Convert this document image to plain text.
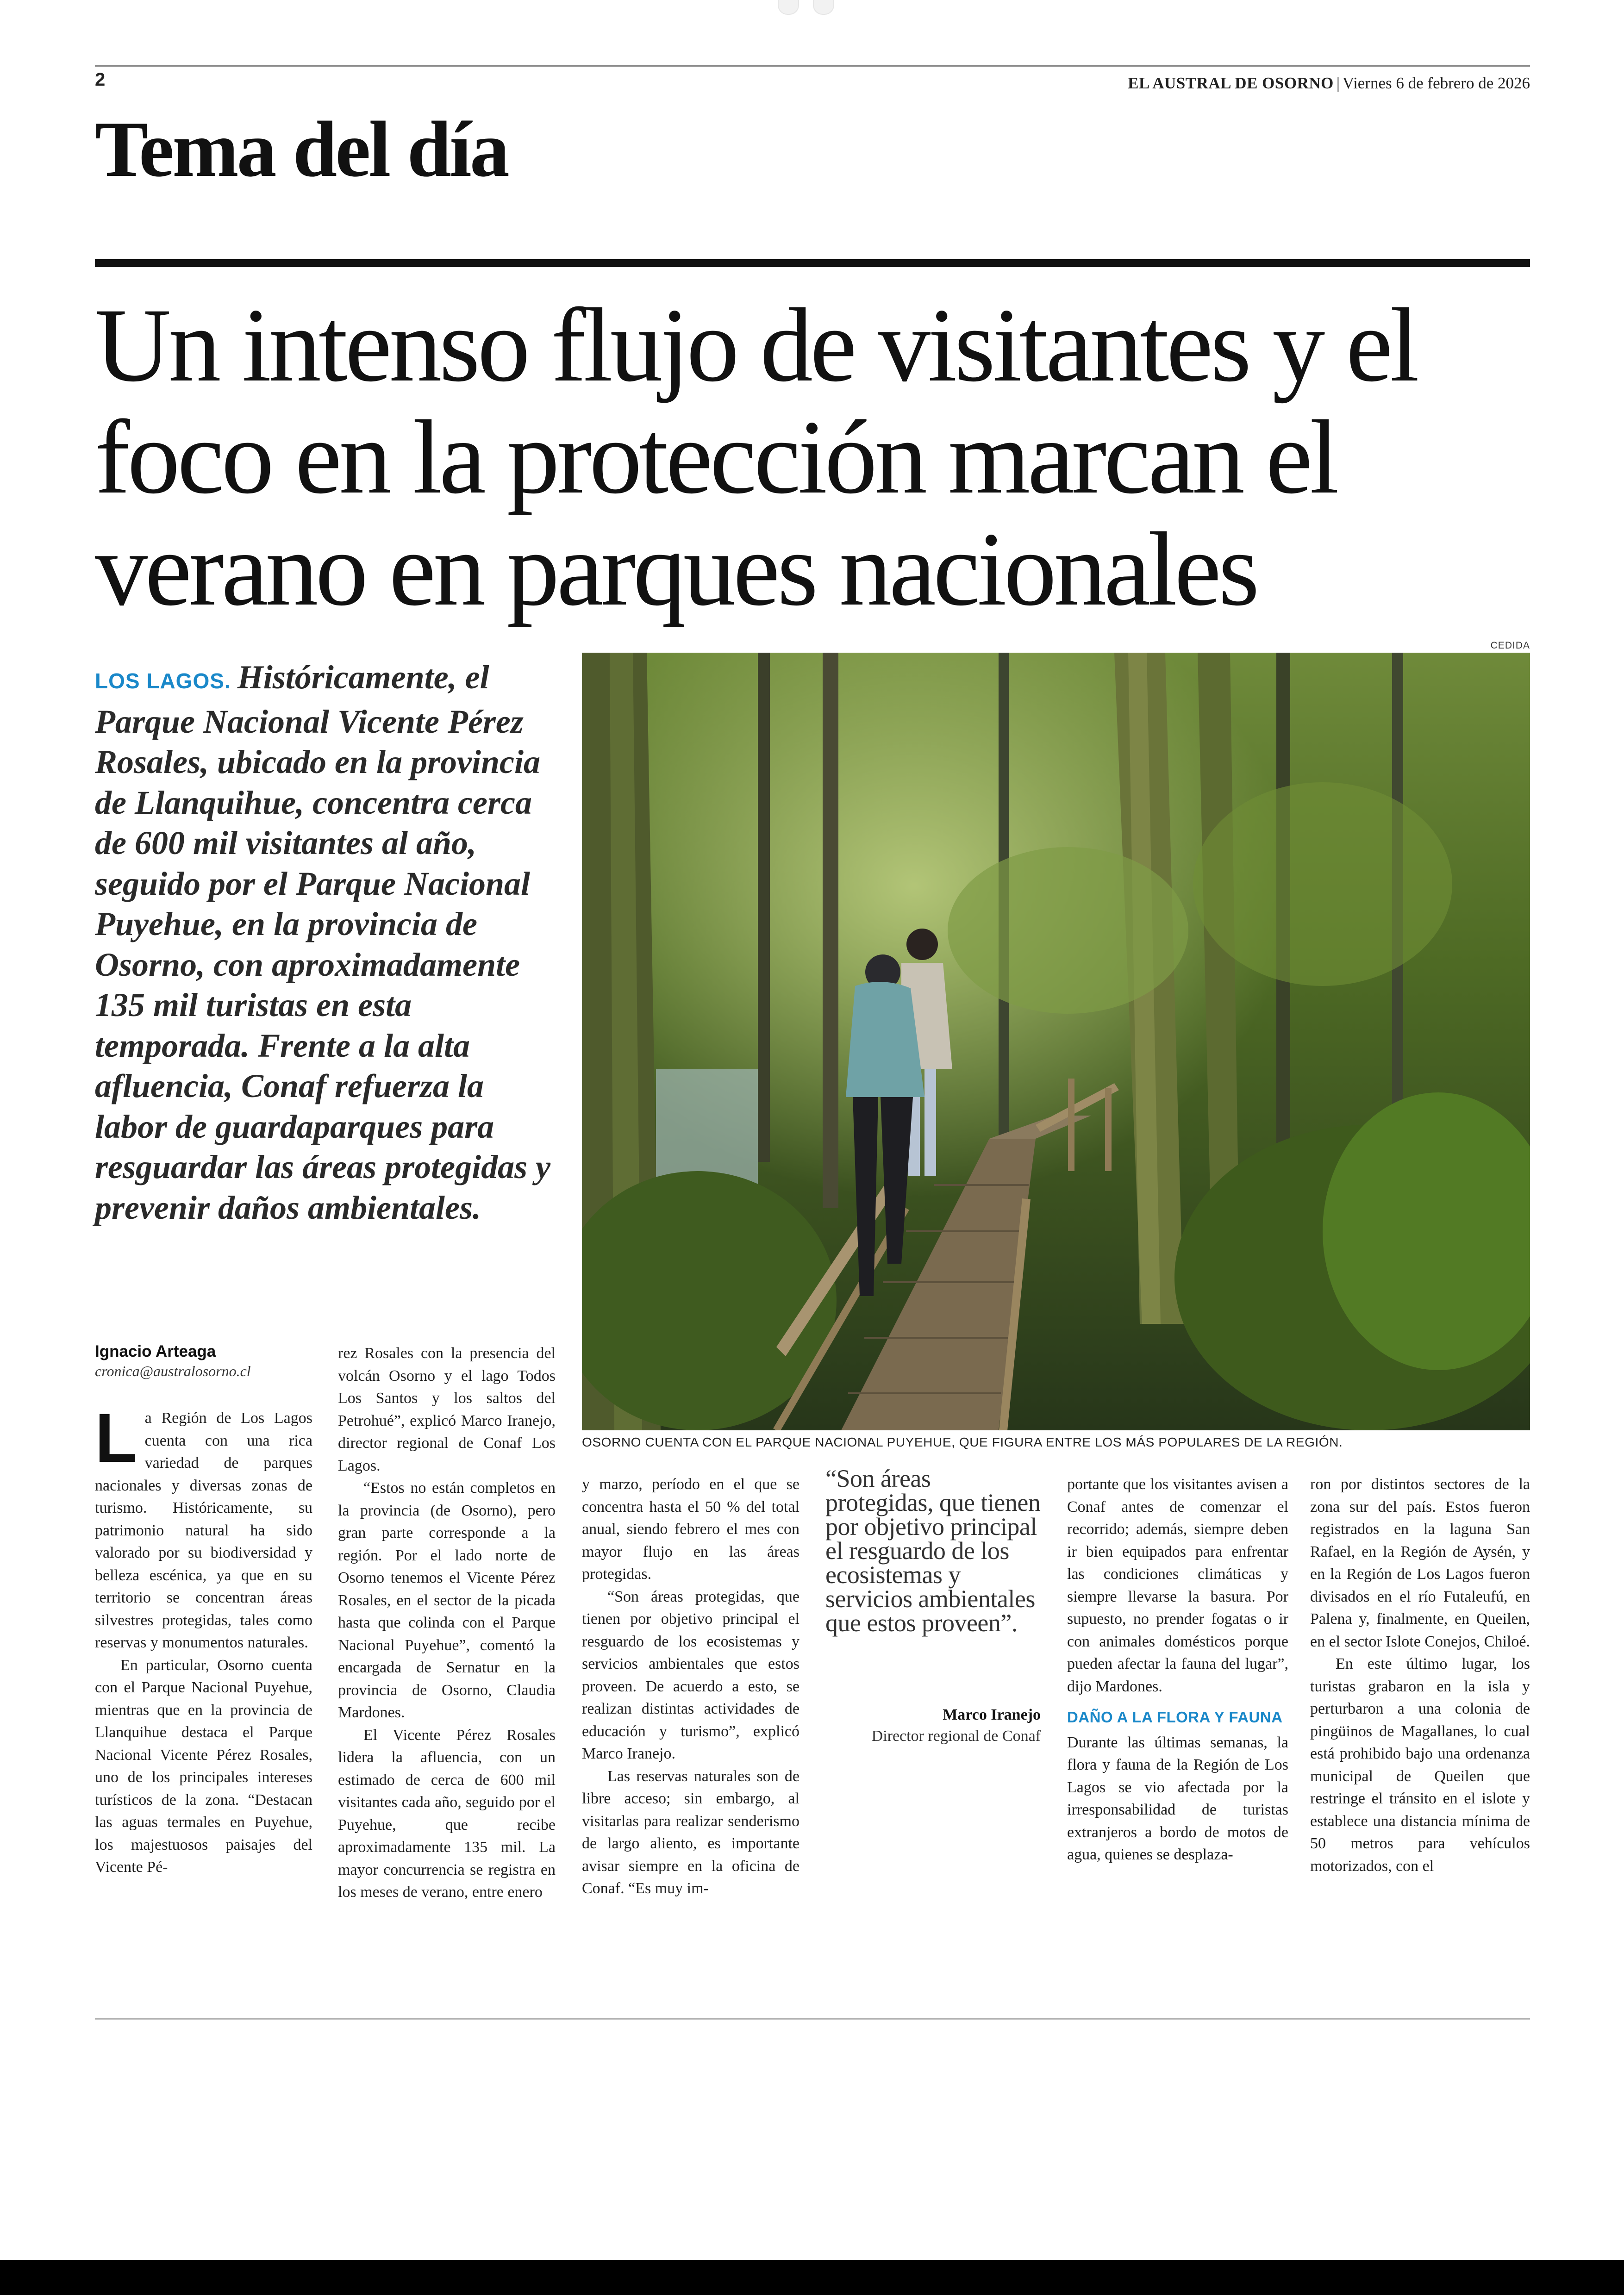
2	EL AUSTRAL DE OSORNO | Viernes 6 de febrero de 2026
Tema del día
Un intenso flujo de visitantes y el
foco en la protección marcan el
verano en parques nacionales
LOS LAGOS. Históricamente, el Parque Nacional Vicente Pérez Rosales, ubicado en la provincia de Llanquihue, concentra cerca de 600 mil visitantes al año, seguido por el Parque Nacional Puyehue, en la provincia de Osorno, con aproximadamente 135 mil turistas en esta temporada. Frente a la alta afluencia, Conaf refuerza la labor de guardaparques para resguardar las áreas protegidas y prevenir daños ambientales.
CEDIDA
OSORNO CUENTA CON EL PARQUE NACIONAL PUYEHUE, QUE FIGURA ENTRE LOS MÁS POPULARES DE LA REGIÓN.
Ignacio Arteaga
cronica@australosorno.cl

La Región de Los Lagos cuenta con una rica variedad de parques nacionales y diversas zonas de turismo. Históricamente, su patrimonio natural ha sido valorado por su biodiversidad y belleza escénica, ya que en su territorio se concentran áreas silvestres protegidas, tales como reservas y monumentos naturales.

En particular, Osorno cuenta con el Parque Nacional Puyehue, mientras que en la provincia de Llanquihue destaca el Parque Nacional Vicente Pérez Rosales, uno de los principales intereses turísticos de la zona. “Destacan las aguas termales en Puyehue, los majestuosos paisajes del Vicente Pé-

rez Rosales con la presencia del volcán Osorno y el lago Todos Los Santos y los saltos del Petrohué”, explicó Marco Iranejo, director regional de Conaf Los Lagos.

“Estos no están completos en la provincia (de Osorno), pero gran parte corresponde a la región. Por el lado norte de Osorno tenemos el Vicente Pérez Rosales, en el sector de la picada hasta que colinda con el Parque Nacional Puyehue”, comentó la encargada de Sernatur en la provincia de Osorno, Claudia Mardones.

El Vicente Pérez Rosales lidera la afluencia, con un estimado de cerca de 600 mil visitantes cada año, seguido por el Puyehue, que recibe aproximadamente 135 mil. La mayor concurrencia se registra en los meses de verano, entre enero

y marzo, período en el que se concentra hasta el 50 % del total anual, siendo febrero el mes con mayor flujo en las áreas protegidas.

“Son áreas protegidas, que tienen por objetivo principal el resguardo de los ecosistemas y servicios ambientales que estos proveen. De acuerdo a esto, se realizan distintas actividades de educación y turismo”, explicó Marco Iranejo.

Las reservas naturales son de libre acceso; sin embargo, al visitarlas para realizar senderismo de largo aliento, es importante avisar siempre en la oficina de Conaf. “Es muy im-

“Son áreas protegidas, que tienen por objetivo principal el resguardo de los ecosistemas y servicios ambientales que estos proveen”.
Marco Iranejo
Director regional de Conaf

portante que los visitantes avisen a Conaf antes de comenzar el recorrido; además, siempre deben ir bien equipados para enfrentar las condiciones climáticas y siempre llevarse la basura. Por supuesto, no prender fogatas o ir con animales domésticos porque pueden afectar la fauna del lugar”, dijo Mardones.

DAÑO A LA FLORA Y FAUNA

Durante las últimas semanas, la flora y fauna de la Región de Los Lagos se vio afectada por la irresponsabilidad de turistas extranjeros a bordo de motos de agua, quienes se desplaza-

ron por distintos sectores de la zona sur del país. Estos fueron registrados en la laguna San Rafael, en la Región de Aysén, y en la Región de Los Lagos fueron divisados en el río Futaleufú, en Palena y, finalmente, en Queilen, en el sector Islote Conejos, Chiloé.

En este último lugar, los turistas grabaron en la isla y perturbaron a una colonia de pingüinos de Magallanes, lo cual está prohibido bajo una ordenanza municipal de Queilen que restringe el tránsito en el islote y establece una distancia mínima de 50 metros para vehículos motorizados, con el
